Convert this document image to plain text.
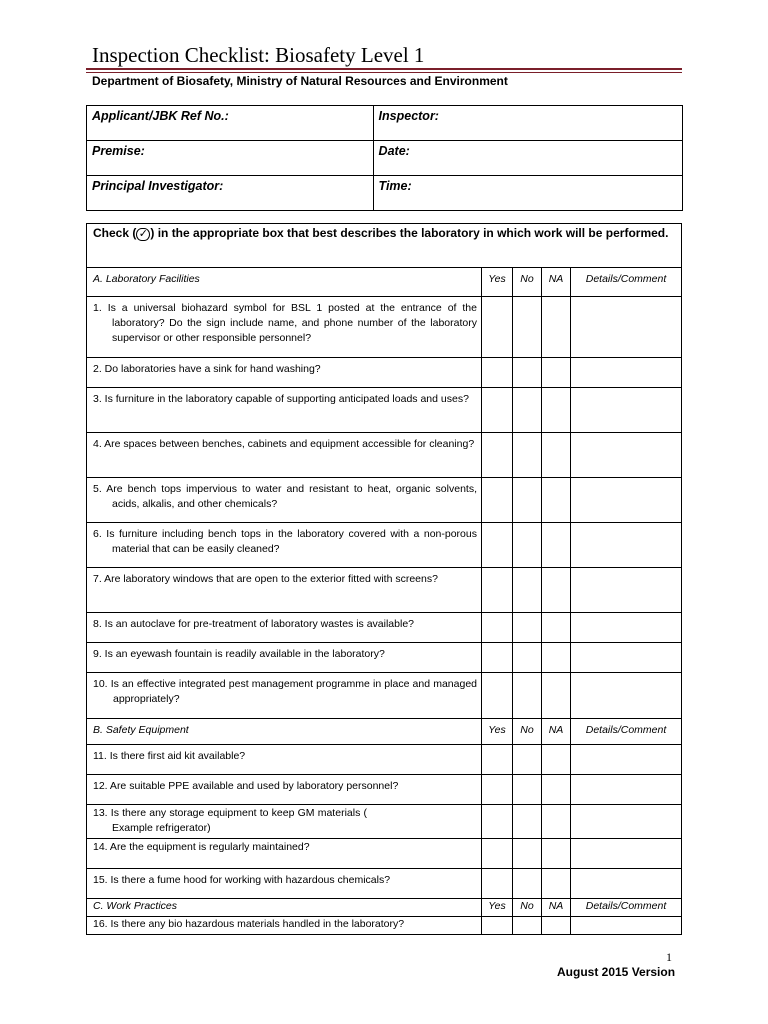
Inspection Checklist: Biosafety Level 1
Department of Biosafety, Ministry of Natural Resources and Environment
Applicant/JBK Ref No.:	Inspector:
Premise:	Date:
Principal Investigator:	Time:
Check ( ✓ ) in the appropriate box that best describes the laboratory in which work will be performed.				
A. Laboratory Facilities	Yes	No	NA	Details/Comment

1. Is a universal biohazard symbol for BSL 1 posted at the entrance of the laboratory? Do the sign include name, and phone number of the laboratory supervisor or other responsible personnel?				

2. Do laboratories have a sink for hand washing?				

3. Is furniture in the laboratory capable of supporting anticipated loads and uses?				

4. Are spaces between benches, cabinets and equipment accessible for cleaning?				

5. Are bench tops impervious to water and resistant to heat, organic solvents, acids, alkalis, and other chemicals?				

6. Is furniture including bench tops in the laboratory covered with a non-porous material that can be easily cleaned?				

7. Are laboratory windows that are open to the exterior fitted with screens?				

8. Is an autoclave for pre-treatment of laboratory wastes is available?				

9. Is an eyewash fountain is readily available in the laboratory?				

10. Is an effective integrated pest management programme in place and managed appropriately?				

B. Safety Equipment	Yes	No	NA	Details/Comment

11. Is there first aid kit available?				

12. Are suitable PPE available and used by laboratory personnel?				

13. Is there any storage equipment to keep GM materials ( Example refrigerator)				

14. Are the equipment is regularly maintained?				

15. Is there a fume hood for working with hazardous chemicals?				

C. Work Practices	Yes	No	NA	Details/Comment

16. Is there any bio hazardous materials handled in the laboratory?				

1
August 2015 Version
